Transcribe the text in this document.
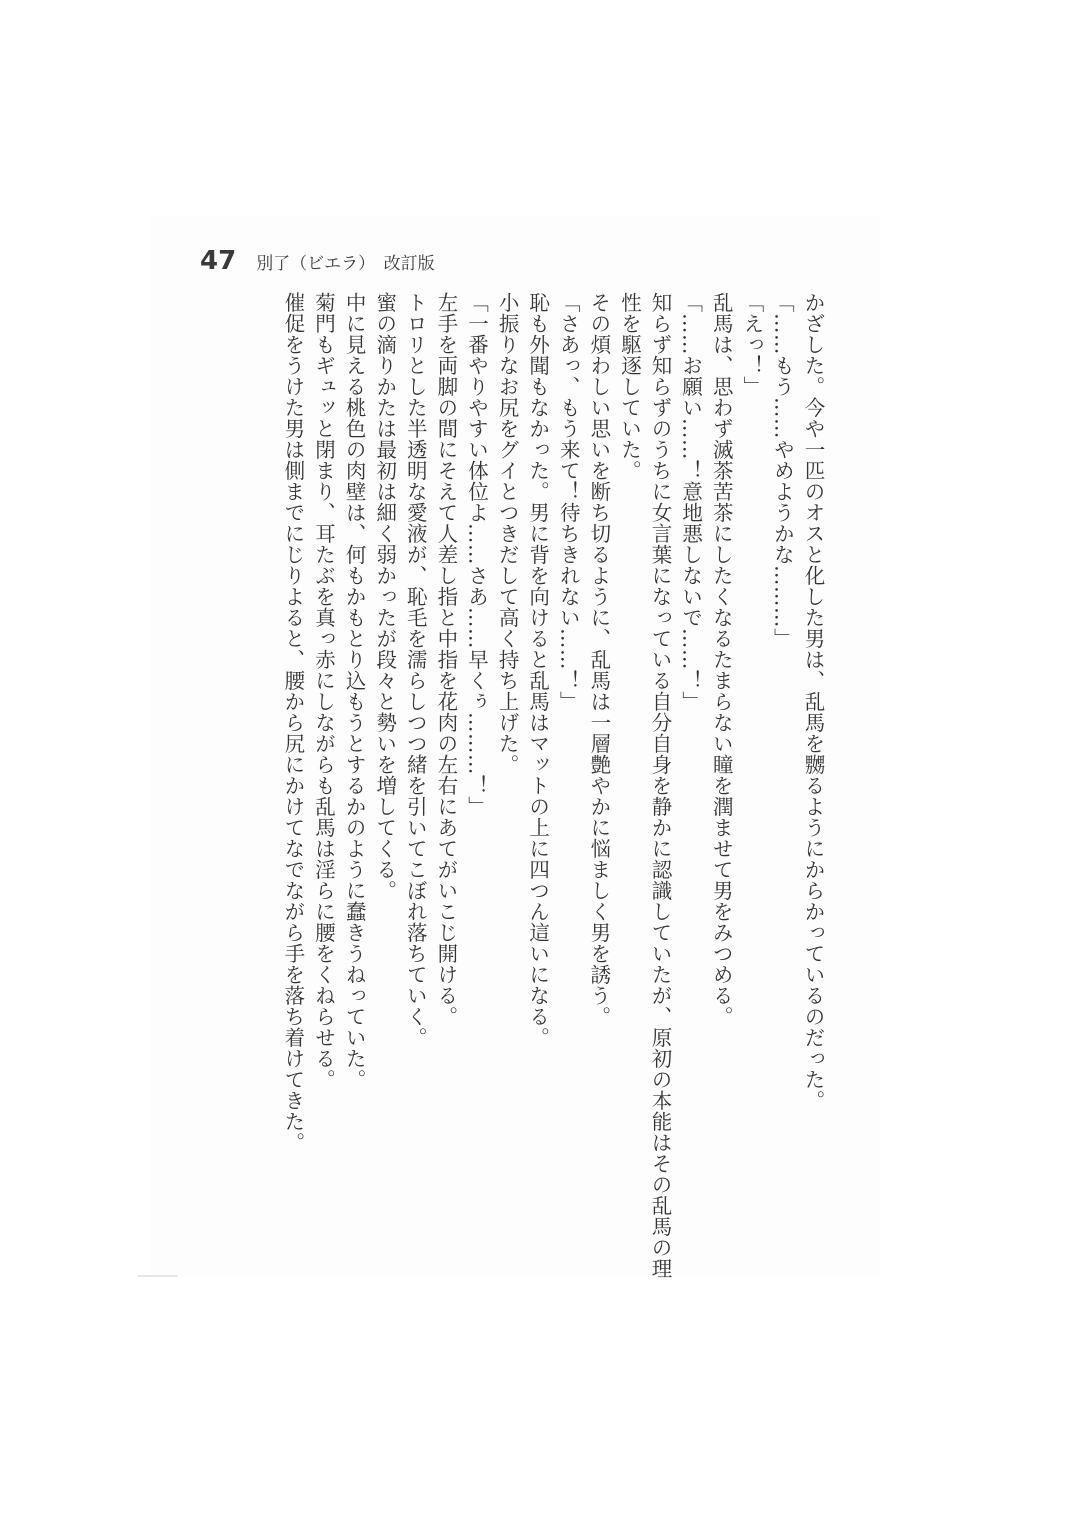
47 別了（ビエラ）　改訂版

かざした。今や一匹のオスと化した男は、乱馬を嬲るようにからかっているのだった。

「……もう……やめようかな………」

「えっ！」

乱馬は、思わず滅茶苦茶にしたくなるたまらない瞳を潤ませて男をみつめる。

「……お願い……！意地悪しないで……！」

知らず知らずのうちに女言葉になっている自分自身を静かに認識していたが、原初の本能はその乱馬の理

性を駆逐していた。

その煩わしい思いを断ち切るように、乱馬は一層艶やかに悩ましく男を誘う。

「さあっ、もう来て！待ちきれない……！」

恥も外聞もなかった。男に背を向けると乱馬はマットの上に四つん這いになる。

小振りなお尻をグイとつきだして高く持ち上げた。

「一番やりやすい体位よ……さあ……早くぅ………！」

左手を両脚の間にそえて人差し指と中指を花肉の左右にあてがいこじ開ける。

トロリとした半透明な愛液が、恥毛を濡らしつつ緒を引いてこぼれ落ちていく。

蜜の滴りかたは最初は細く弱かったが段々と勢いを増してくる。

中に見える桃色の肉壁は、何もかもとり込もうとするかのように蠢きうねっていた。

菊門もギュッと閉まり、耳たぶを真っ赤にしながらも乱馬は淫らに腰をくねらせる。

催促をうけた男は側までにじりよると、腰から尻にかけてなでながら手を落ち着けてきた。
